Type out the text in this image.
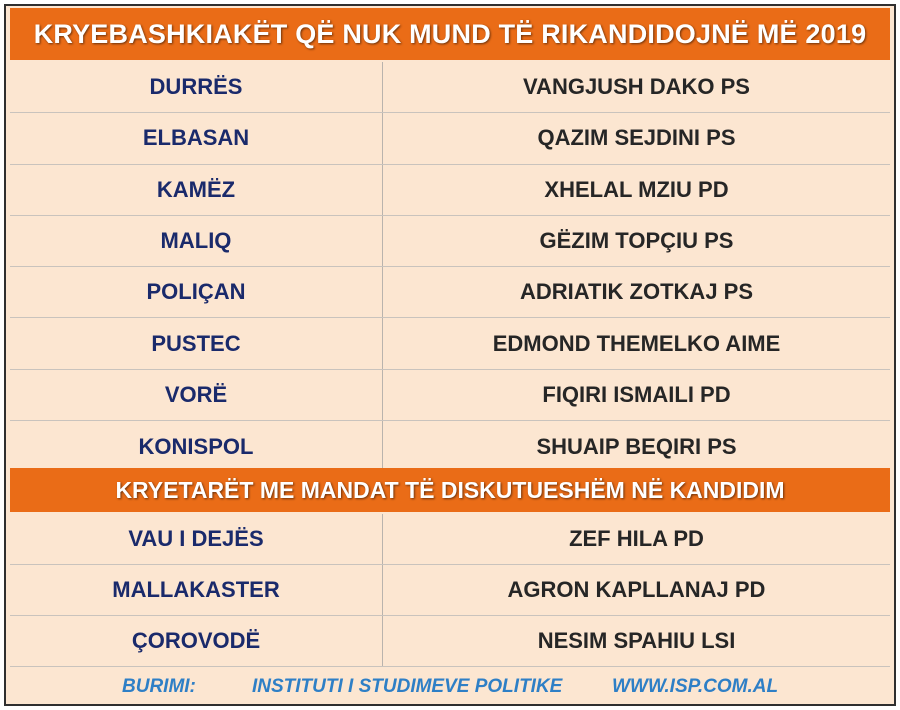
KRYEBASHKIAKËT QË NUK MUND TË RIKANDIDOJNË MË 2019
DURRËS	VANGJUSH DAKO PS
ELBASAN	QAZIM SEJDINI PS
KAMËZ	XHELAL MZIU PD
MALIQ	GËZIM TOPÇIU PS
POLIÇAN	ADRIATIK ZOTKAJ PS
PUSTEC	EDMOND THEMELKO AIME
VORË	FIQIRI ISMAILI PD
KONISPOL	SHUAIP BEQIRI PS
KRYETARËT ME MANDAT TË DISKUTUESHËM NË KANDIDIM
VAU I DEJËS	ZEF HILA PD
MALLAKASTER	AGRON KAPLLANAJ PD
ÇOROVODË	NESIM SPAHIU LSI
BURIMI:	INSTITUTI I STUDIMEVE POLITIKE	WWW.ISP.COM.AL
